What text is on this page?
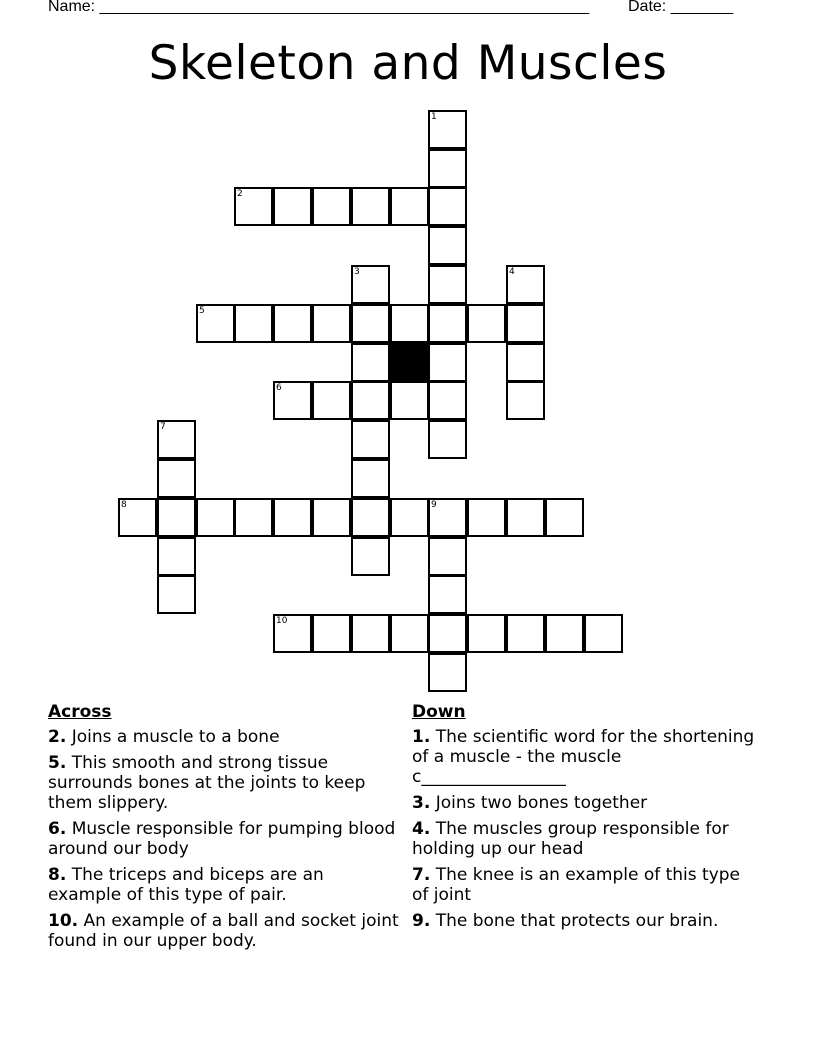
Name: _______________________________________________________ Date: _______
Skeleton and Muscles
1
2
3	4
5
6
7
8	9
10
Across
2. Joins a muscle to a bone
5. This smooth and strong tissue surrounds bones at the joints to keep them slippery.
6. Muscle responsible for pumping blood around our body
8. The triceps and biceps are an example of this type of pair.
10. An example of a ball and socket joint found in our upper body.
Down
1. The scientific word for the shortening of a muscle - the muscle c_________________
3. Joins two bones together
4. The muscles group responsible for holding up our head
7. The knee is an example of this type of joint
9. The bone that protects our brain.
